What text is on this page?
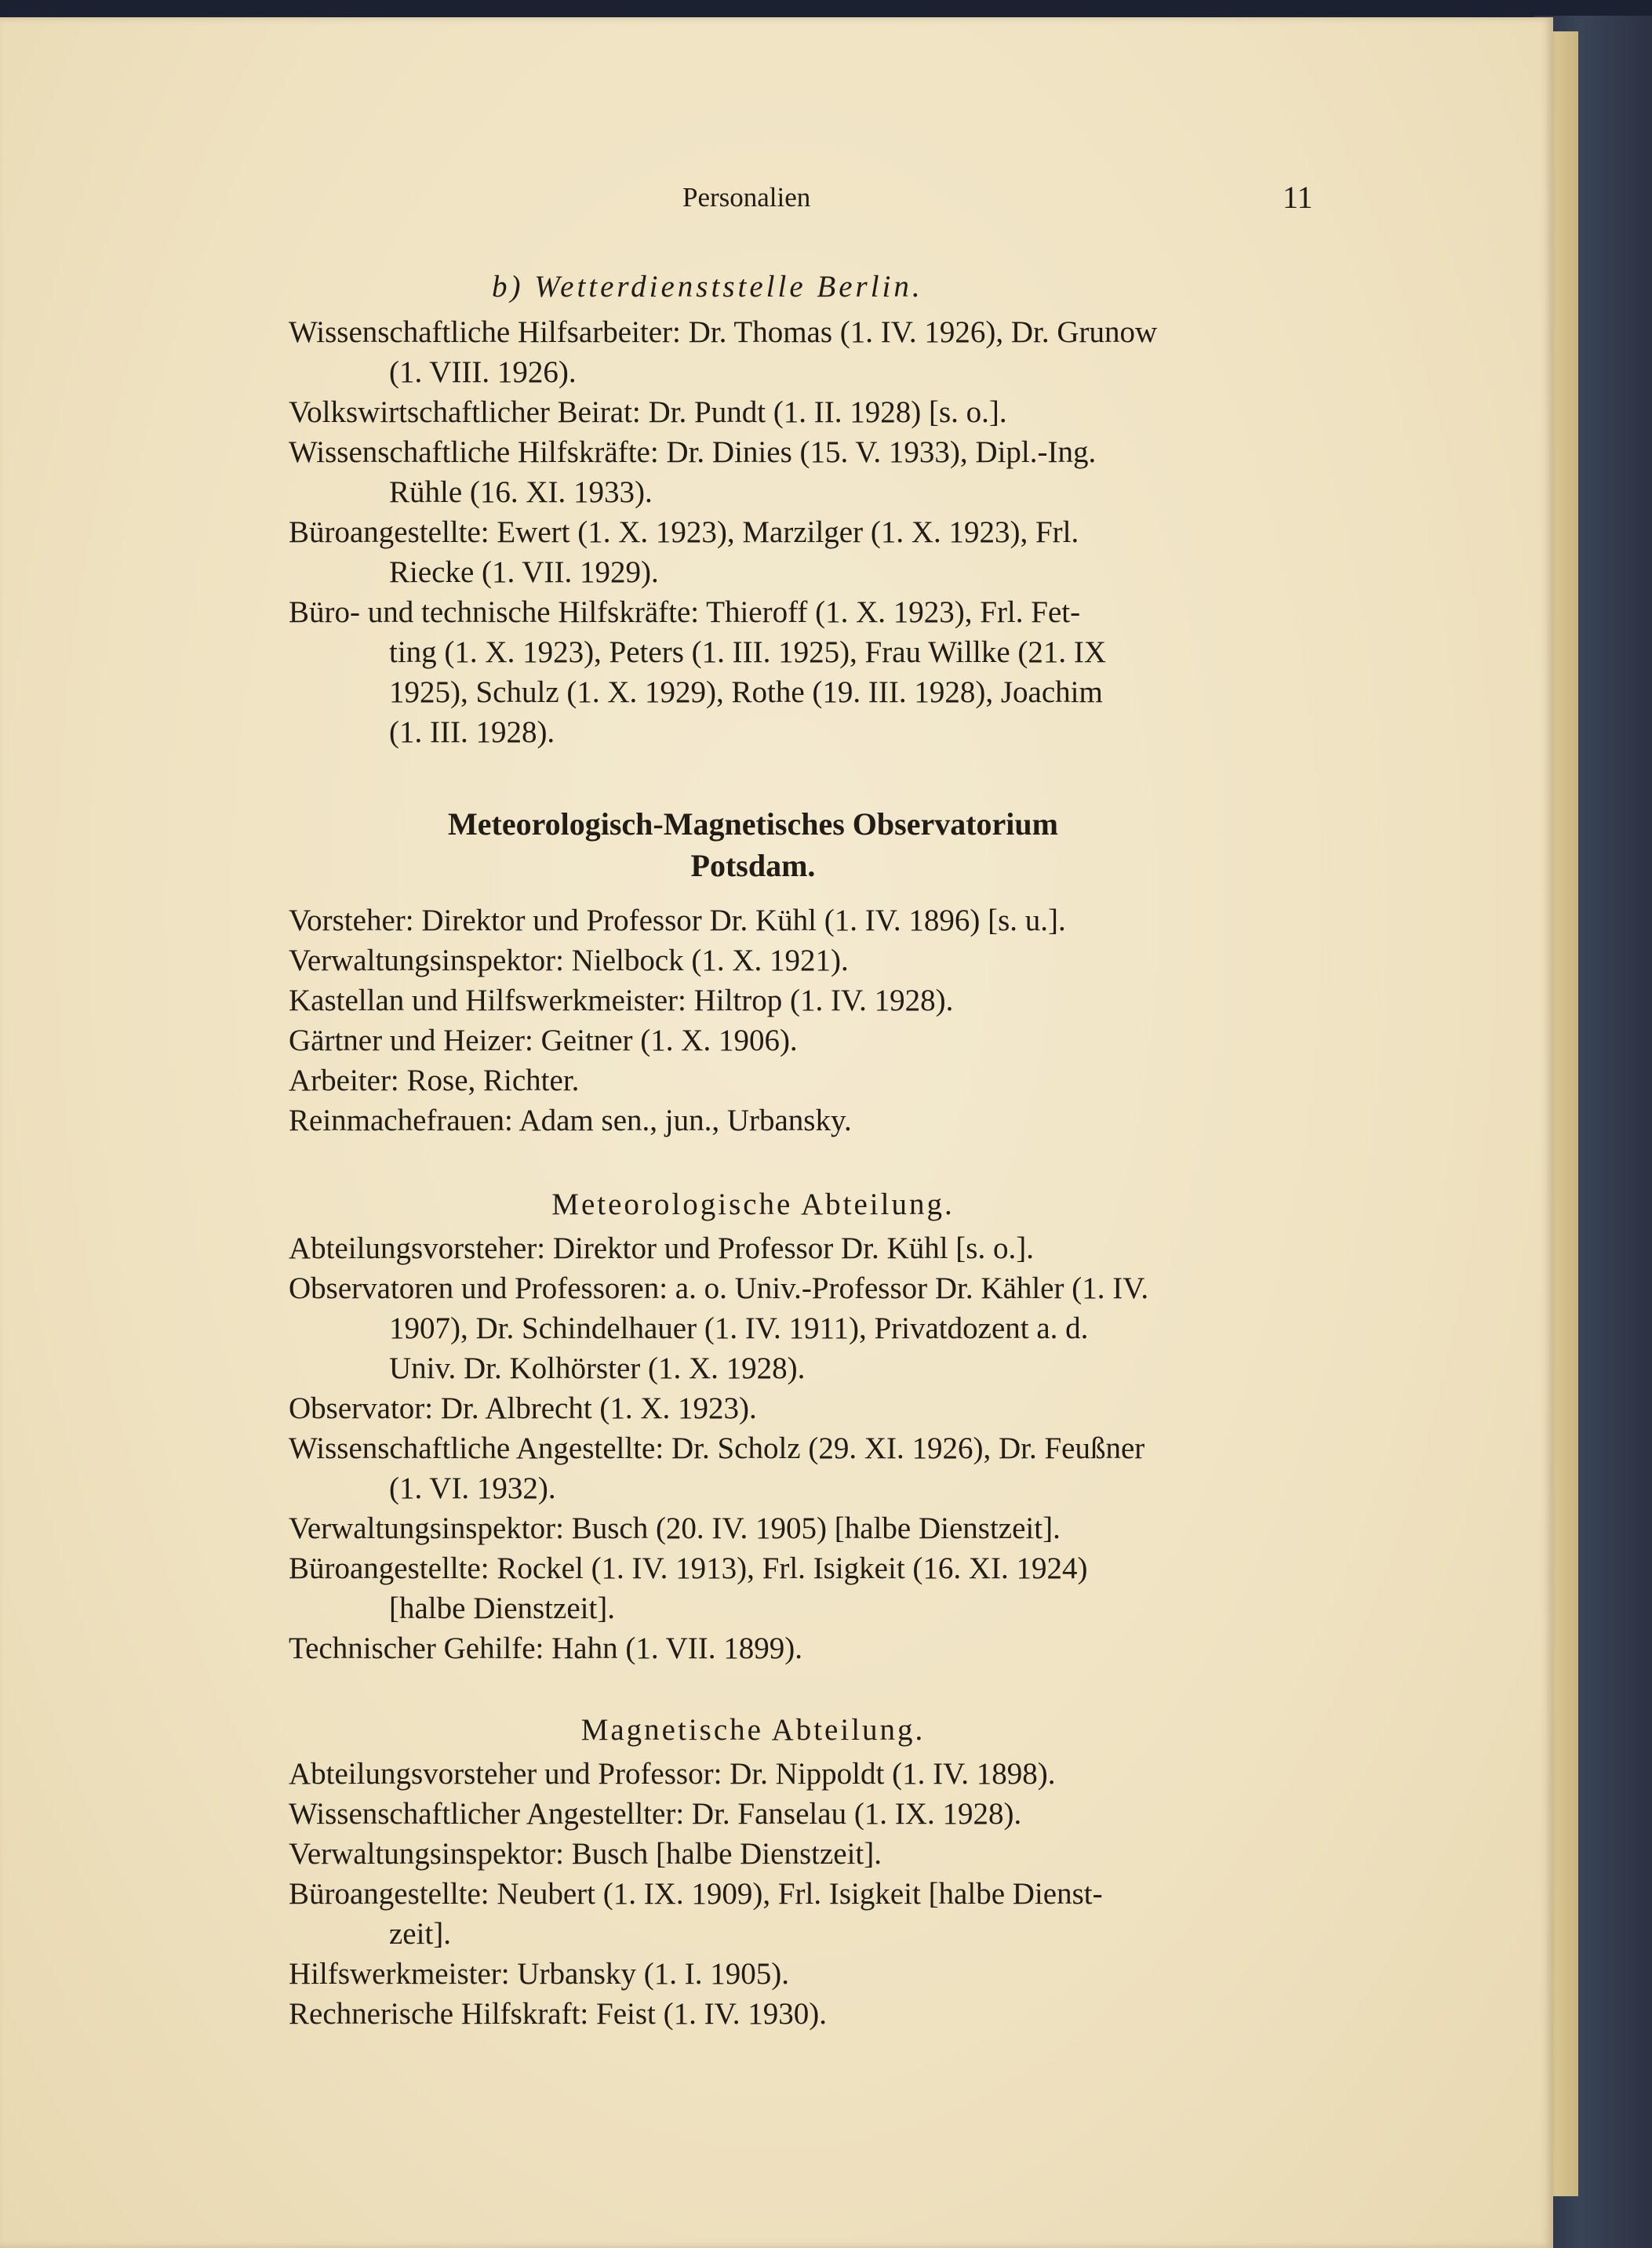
Personalien	11
b) Wetterdienststelle Berlin.
Wissenschaftliche Hilfsarbeiter: Dr. Thomas (1. IV. 1926), Dr. Grunow
(1. VIII. 1926).
Volkswirtschaftlicher Beirat: Dr. Pundt (1. II. 1928) [s. o.].
Wissenschaftliche Hilfskräfte: Dr. Dinies (15. V. 1933), Dipl.-Ing.
Rühle (16. XI. 1933).
Büroangestellte: Ewert (1. X. 1923), Marzilger (1. X. 1923), Frl.
Riecke (1. VII. 1929).
Büro- und technische Hilfskräfte: Thieroff (1. X. 1923), Frl. Fet-
ting (1. X. 1923), Peters (1. III. 1925), Frau Willke (21. IX
1925), Schulz (1. X. 1929), Rothe (19. III. 1928), Joachim
(1. III. 1928).
Meteorologisch-Magnetisches Observatorium
Potsdam.
Vorsteher: Direktor und Professor Dr. Kühl (1. IV. 1896) [s. u.].
Verwaltungsinspektor: Nielbock (1. X. 1921).
Kastellan und Hilfswerkmeister: Hiltrop (1. IV. 1928).
Gärtner und Heizer: Geitner (1. X. 1906).
Arbeiter: Rose, Richter.
Reinmachefrauen: Adam sen., jun., Urbansky.
Meteorologische Abteilung.
Abteilungsvorsteher: Direktor und Professor Dr. Kühl [s. o.].
Observatoren und Professoren: a. o. Univ.-Professor Dr. Kähler (1. IV.
1907), Dr. Schindelhauer (1. IV. 1911), Privatdozent a. d.
Univ. Dr. Kolhörster (1. X. 1928).
Observator: Dr. Albrecht (1. X. 1923).
Wissenschaftliche Angestellte: Dr. Scholz (29. XI. 1926), Dr. Feußner
(1. VI. 1932).
Verwaltungsinspektor: Busch (20. IV. 1905) [halbe Dienstzeit].
Büroangestellte: Rockel (1. IV. 1913), Frl. Isigkeit (16. XI. 1924)
[halbe Dienstzeit].
Technischer Gehilfe: Hahn (1. VII. 1899).
Magnetische Abteilung.
Abteilungsvorsteher und Professor: Dr. Nippoldt (1. IV. 1898).
Wissenschaftlicher Angestellter: Dr. Fanselau (1. IX. 1928).
Verwaltungsinspektor: Busch [halbe Dienstzeit].
Büroangestellte: Neubert (1. IX. 1909), Frl. Isigkeit [halbe Dienst-
zeit].
Hilfswerkmeister: Urbansky (1. I. 1905).
Rechnerische Hilfskraft: Feist (1. IV. 1930).
